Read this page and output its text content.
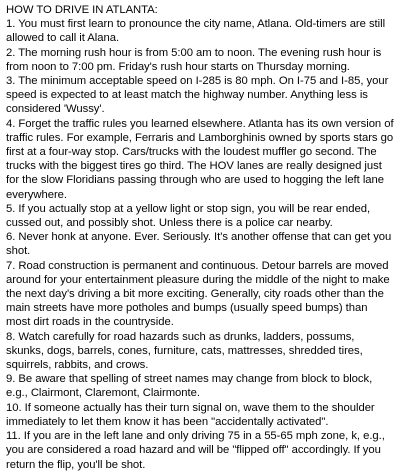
HOW TO DRIVE IN ATLANTA:

1. You must first learn to pronounce the city name, Atlana. Old-timers are still allowed to call it Alana.

2. The morning rush hour is from 5:00 am to noon. The evening rush hour is from noon to 7:00 pm. Friday's rush hour starts on Thursday morning.

3. The minimum acceptable speed on I-285 is 80 mph. On I-75 and I-85, your speed is expected to at least match the highway number. Anything less is considered 'Wussy'.

4. Forget the traffic rules you learned elsewhere. Atlanta has its own version of traffic rules. For example, Ferraris and Lamborghinis owned by sports stars go first at a four-way stop. Cars/trucks with the loudest muffler go second. The trucks with the biggest tires go third. The HOV lanes are really designed just for the slow Floridians passing through who are used to hogging the left lane everywhere.

5. If you actually stop at a yellow light or stop sign, you will be rear ended, cussed out, and possibly shot. Unless there is a police car nearby.

6. Never honk at anyone. Ever. Seriously. It's another offense that can get you shot.

7. Road construction is permanent and continuous. Detour barrels are moved around for your entertainment pleasure during the middle of the night to make the next day's driving a bit more exciting. Generally, city roads other than the main streets have more potholes and bumps (usually speed bumps) than most dirt roads in the countryside.

8. Watch carefully for road hazards such as drunks, ladders, possums, skunks, dogs, barrels, cones, furniture, cats, mattresses, shredded tires, squirrels, rabbits, and crows.

9. Be aware that spelling of street names may change from block to block, e.g., Clairmont, Claremont, Clairmonte.

10. If someone actually has their turn signal on, wave them to the shoulder immediately to let them know it has been "accidentally activated".

11. If you are in the left lane and only driving 75 in a 55-65 mph zone, k, e.g., you are considered a road hazard and will be "flipped off" accordingly. If you return the flip, you'll be shot.
